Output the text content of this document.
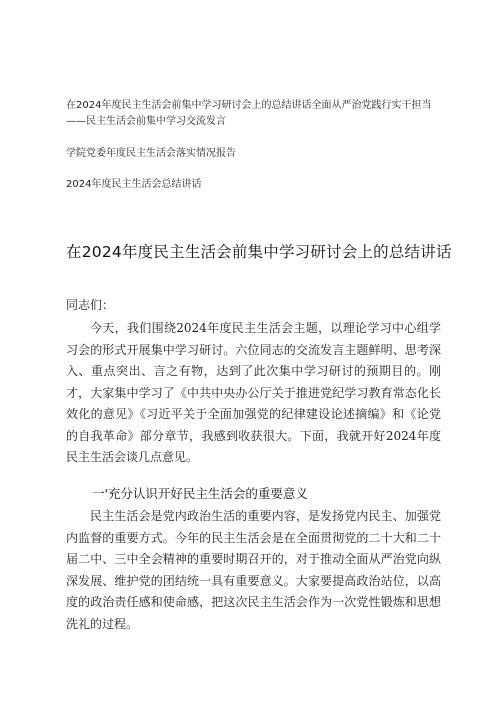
在2024年度民主生活会前集中学习研讨会上的总结讲话全面从严治党践行实干担当——民主生活会前集中学习交流发言
学院党委年度民主生活会落实情况报告
2024年度民主生活会总结讲话
在2024年度民主生活会前集中学习研讨会上的总结讲话
同志们：
今天，我们围绕2024年度民主生活会主题，以理论学习中心组学习会的形式开展集中学习研讨。六位同志的交流发言主题鲜明、思考深入、重点突出、言之有物，达到了此次集中学习研讨的预期目的。刚才，大家集中学习了《中共中央办公厅关于推进党纪学习教育常态化长效化的意见》《习近平关于全面加强党的纪律建设论述摘编》和《论党的自我革命》部分章节，我感到收获很大。下面，我就开好2024年度民主生活会谈几点意见。
一'充分认识开好民主生活会的重要意义
民主生活会是党内政治生活的重要内容，是发扬党内民主、加强党内监督的重要方式。今年的民主生活会是在全面贯彻党的二十大和二十届二中、三中全会精神的重要时期召开的，对于推动全面从严治党向纵深发展、维护党的团结统一具有重要意义。大家要提高政治站位，以高度的政治责任感和使命感，把这次民主生活会作为一次党性锻炼和思想洗礼的过程。
